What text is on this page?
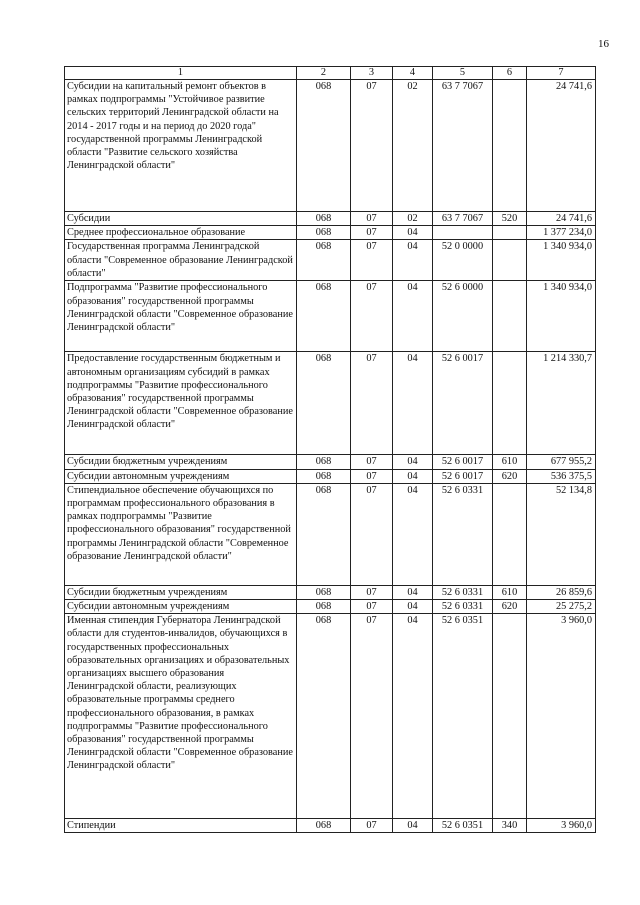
16
1	2	3	4	5	6	7
Субсидии на капитальный ремонт объектов в рамках подпрограммы "Устойчивое развитие сельских территорий Ленинградской области на 2014 - 2017 годы и на период до 2020 года" государственной программы Ленинградской области "Развитие сельского хозяйства Ленинградской области"	068	07	02	63 7 7067		24 741,6
Субсидии	068	07	02	63 7 7067	520	24 741,6
Среднее профессиональное образование	068	07	04			1 377 234,0
Государственная программа Ленинградской области "Современное образование Ленинградской области"	068	07	04	52 0 0000		1 340 934,0
Подпрограмма "Развитие профессионального образования" государственной программы Ленинградской области "Современное образование Ленинградской области"	068	07	04	52 6 0000		1 340 934,0
Предоставление государственным бюджетным и автономным организациям субсидий в рамках подпрограммы "Развитие профессионального образования" государственной программы Ленинградской области "Современное образование Ленинградской области"	068	07	04	52 6 0017		1 214 330,7
Субсидии бюджетным учреждениям	068	07	04	52 6 0017	610	677 955,2
Субсидии автономным учреждениям	068	07	04	52 6 0017	620	536 375,5
Стипендиальное обеспечение обучающихся по программам профессионального образования в рамках подпрограммы "Развитие профессионального образования" государственной программы Ленинградской области "Современное образование Ленинградской области"	068	07	04	52 6 0331		52 134,8
Субсидии бюджетным учреждениям	068	07	04	52 6 0331	610	26 859,6
Субсидии автономным учреждениям	068	07	04	52 6 0331	620	25 275,2
Именная стипендия Губернатора Ленинградской области для студентов-инвалидов, обучающихся в государственных профессиональных образовательных организациях и образовательных организациях высшего образования Ленинградской области, реализующих образовательные программы среднего профессионального образования, в рамках подпрограммы "Развитие профессионального образования" государственной программы Ленинградской области "Современное образование Ленинградской области"	068	07	04	52 6 0351		3 960,0
Стипендии	068	07	04	52 6 0351	340	3 960,0
